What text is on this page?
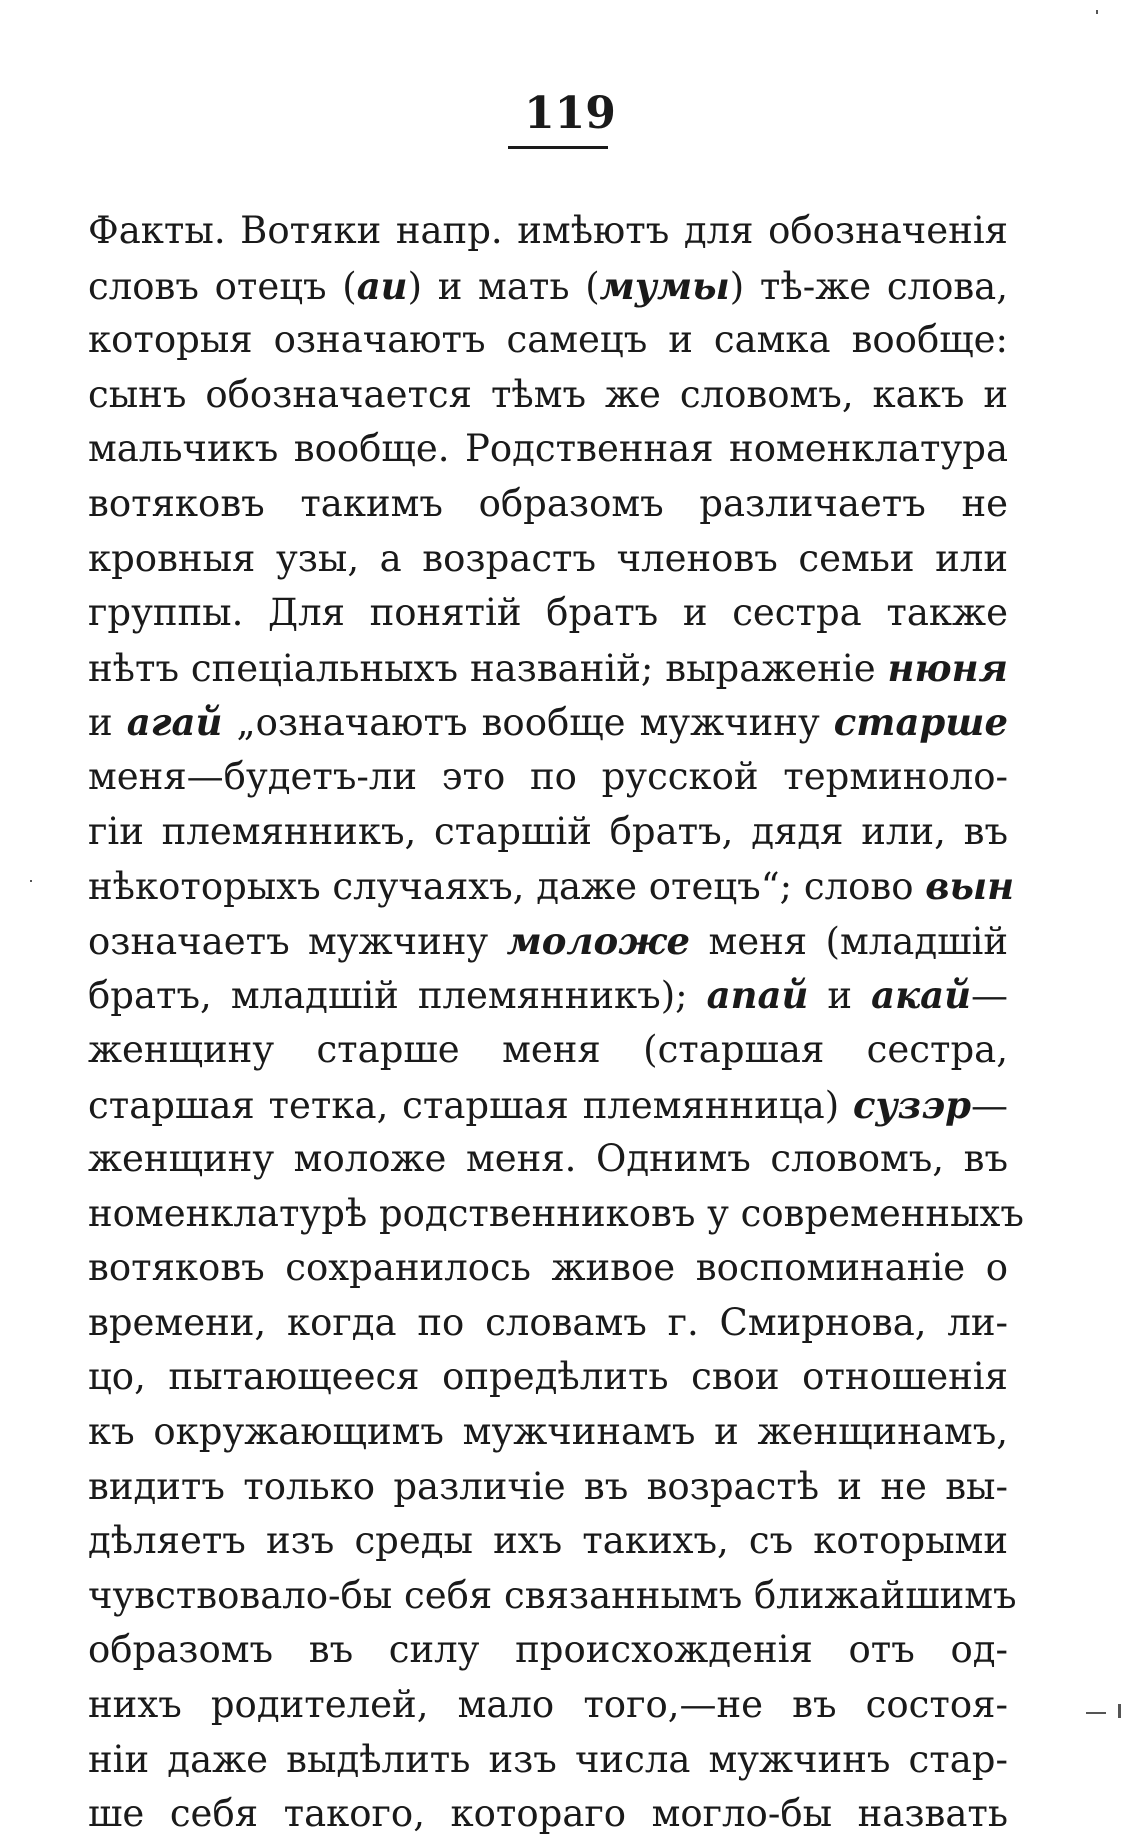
119
Факты. Вотяки напр. имѣютъ для обозначенія
словъ отецъ (аи) и мать (мумы) тѣ-же слова,
которыя означаютъ самецъ и самка вообще:
сынъ обозначается тѣмъ же словомъ, какъ и
мальчикъ вообще. Родственная номенклатура
вотяковъ такимъ образомъ различаетъ не
кровныя узы, а возрастъ членовъ семьи или
группы. Для понятій братъ и сестра также
нѣтъ спеціальныхъ названій; выраженіе нюня
и агай „означаютъ вообще мужчину старше
меня—будетъ-ли это по русской терминоло-
гіи племянникъ, старшій братъ, дядя или, въ
нѣкоторыхъ случаяхъ, даже отецъ“; слово вын
означаетъ мужчину моложе меня (младшій
братъ, младшій племянникъ); апай и акай—
женщину старше меня (старшая сестра,
старшая тетка, старшая племянница) сузэр—
женщину моложе меня. Однимъ словомъ, въ
номенклатурѣ родственниковъ у современныхъ
вотяковъ сохранилось живое воспоминаніе о
времени, когда по словамъ г. Смирнова, ли-
цо, пытающееся опредѣлить свои отношенія
къ окружающимъ мужчинамъ и женщинамъ,
видитъ только различіе въ возрастѣ и не вы-
дѣляетъ изъ среды ихъ такихъ, съ которыми
чувствовало-бы себя связаннымъ ближайшимъ
образомъ въ силу происхожденія отъ од-
нихъ родителей, мало того,—не въ состоя-
ніи даже выдѣлить изъ числа мужчинъ стар-
ше себя такого, котораго могло-бы назвать
